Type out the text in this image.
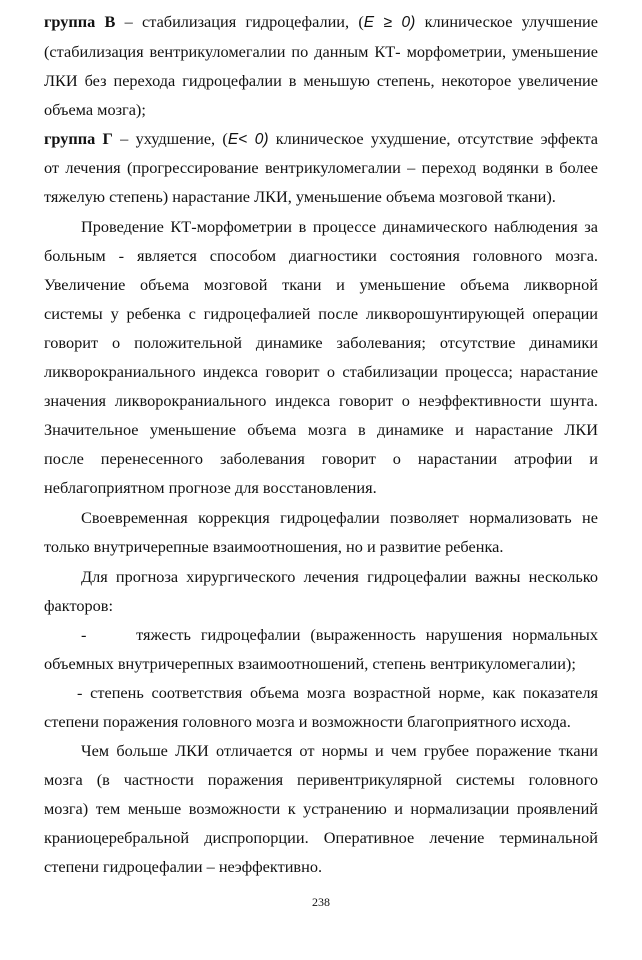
группа В – стабилизация гидроцефалии, (E ≥ 0) клиническое улучшение
(стабилизация вентрикуломегалии по данным КТ- морфометрии, уменьшение
ЛКИ без перехода гидроцефалии в меньшую степень, некоторое увеличение
объема мозга);
группа Г – ухудшение, (E< 0) клиническое ухудшение, отсутствие эффекта
от лечения (прогрессирование вентрикуломегалии – переход водянки в более
тяжелую степень) нарастание ЛКИ, уменьшение объема мозговой ткани).
Проведение КТ-морфометрии в процессе динамического наблюдения за
больным - является способом диагностики состояния головного мозга.
Увеличение объема мозговой ткани и уменьшение объема ликворной
системы у ребенка с гидроцефалией после ликворошунтирующей операции
говорит о положительной динамике заболевания; отсутствие динамики
ликворокраниального индекса говорит о стабилизации процесса; нарастание
значения ликворокраниального индекса говорит о неэффективности шунта.
Значительное уменьшение объема мозга в динамике и нарастание ЛКИ
после перенесенного заболевания говорит о нарастании атрофии и
неблагоприятном прогнозе для восстановления.
Своевременная коррекция гидроцефалии позволяет нормализовать не
только внутричерепные взаимоотношения, но и развитие ребенка.
Для прогноза хирургического лечения гидроцефалии важны несколько
факторов:
-     тяжесть гидроцефалии (выраженность нарушения нормальных
объемных внутричерепных взаимоотношений, степень вентрикуломегалии);
- степень соответствия объема мозга возрастной норме, как показателя
степени поражения головного мозга и возможности благоприятного исхода.
Чем больше ЛКИ отличается от нормы и чем грубее поражение ткани
мозга (в частности поражения перивентрикулярной системы головного
мозга) тем меньше возможности к устранению и нормализации проявлений
краниоцеребральной диспропорции. Оперативное лечение терминальной
степени гидроцефалии – неэффективно.
238
